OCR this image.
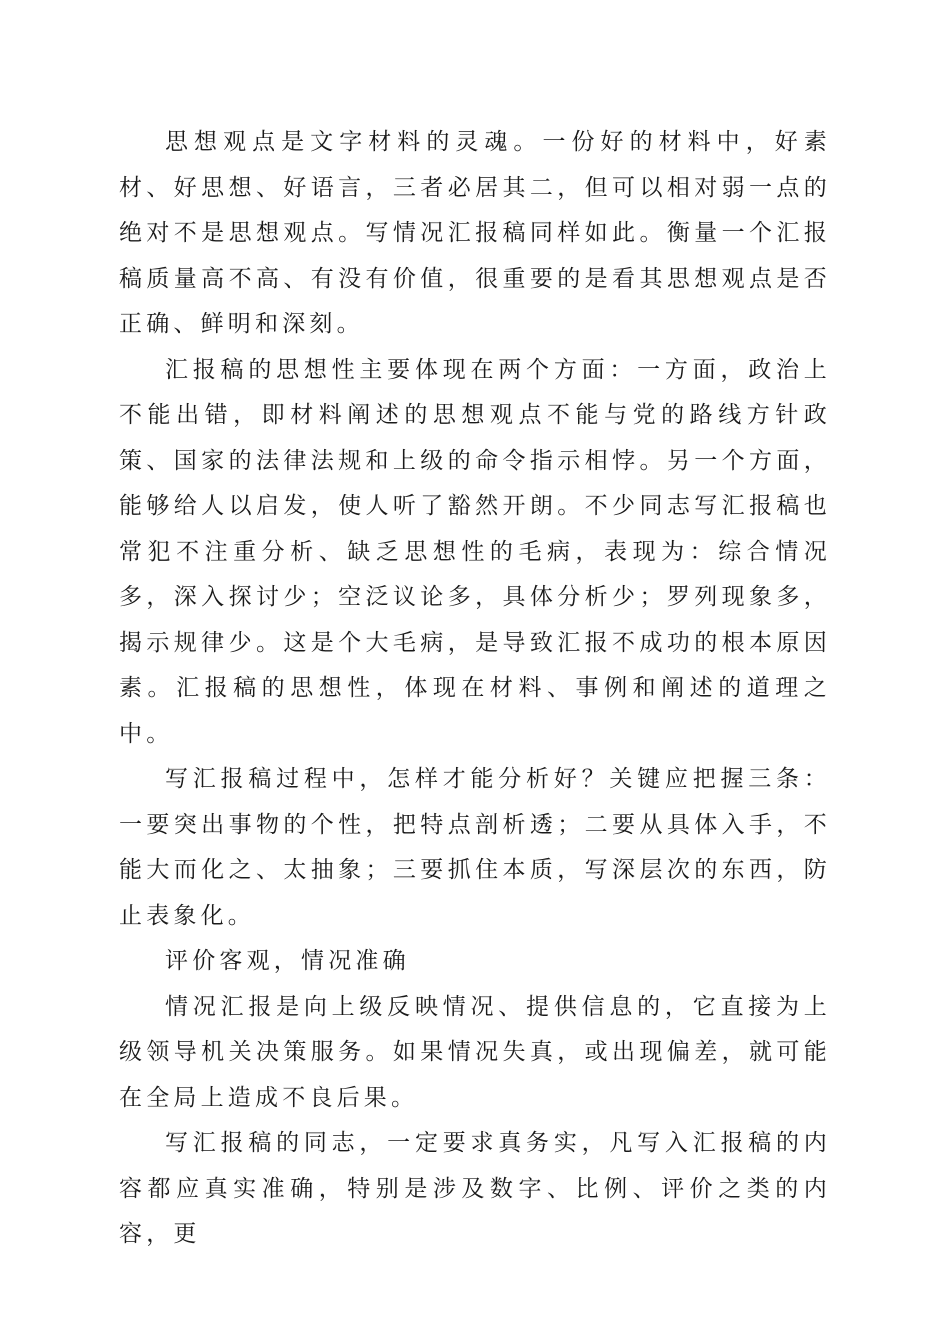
思想观点是文字材料的灵魂。一份好的材料中，好素材、好思想、好语言，三者必居其二，但可以相对弱一点的绝对不是思想观点。写情况汇报稿同样如此。衡量一个汇报稿质量高不高、有没有价值，很重要的是看其思想观点是否正确、鲜明和深刻。

汇报稿的思想性主要体现在两个方面：一方面，政治上不能出错，即材料阐述的思想观点不能与党的路线方针政策、国家的法律法规和上级的命令指示相悖。另一个方面，能够给人以启发，使人听了豁然开朗。不少同志写汇报稿也常犯不注重分析、缺乏思想性的毛病，表现为：综合情况多，深入探讨少；空泛议论多，具体分析少；罗列现象多，揭示规律少。这是个大毛病，是导致汇报不成功的根本原因素。汇报稿的思想性，体现在材料、事例和阐述的道理之中。

写汇报稿过程中，怎样才能分析好？关键应把握三条：一要突出事物的个性，把特点剖析透；二要从具体入手，不能大而化之、太抽象；三要抓住本质，写深层次的东西，防止表象化。

评价客观，情况准确

情况汇报是向上级反映情况、提供信息的，它直接为上级领导机关决策服务。如果情况失真，或出现偏差，就可能在全局上造成不良后果。

写汇报稿的同志，一定要求真务实，凡写入汇报稿的内容都应真实准确，特别是涉及数字、比例、评价之类的内容，更
